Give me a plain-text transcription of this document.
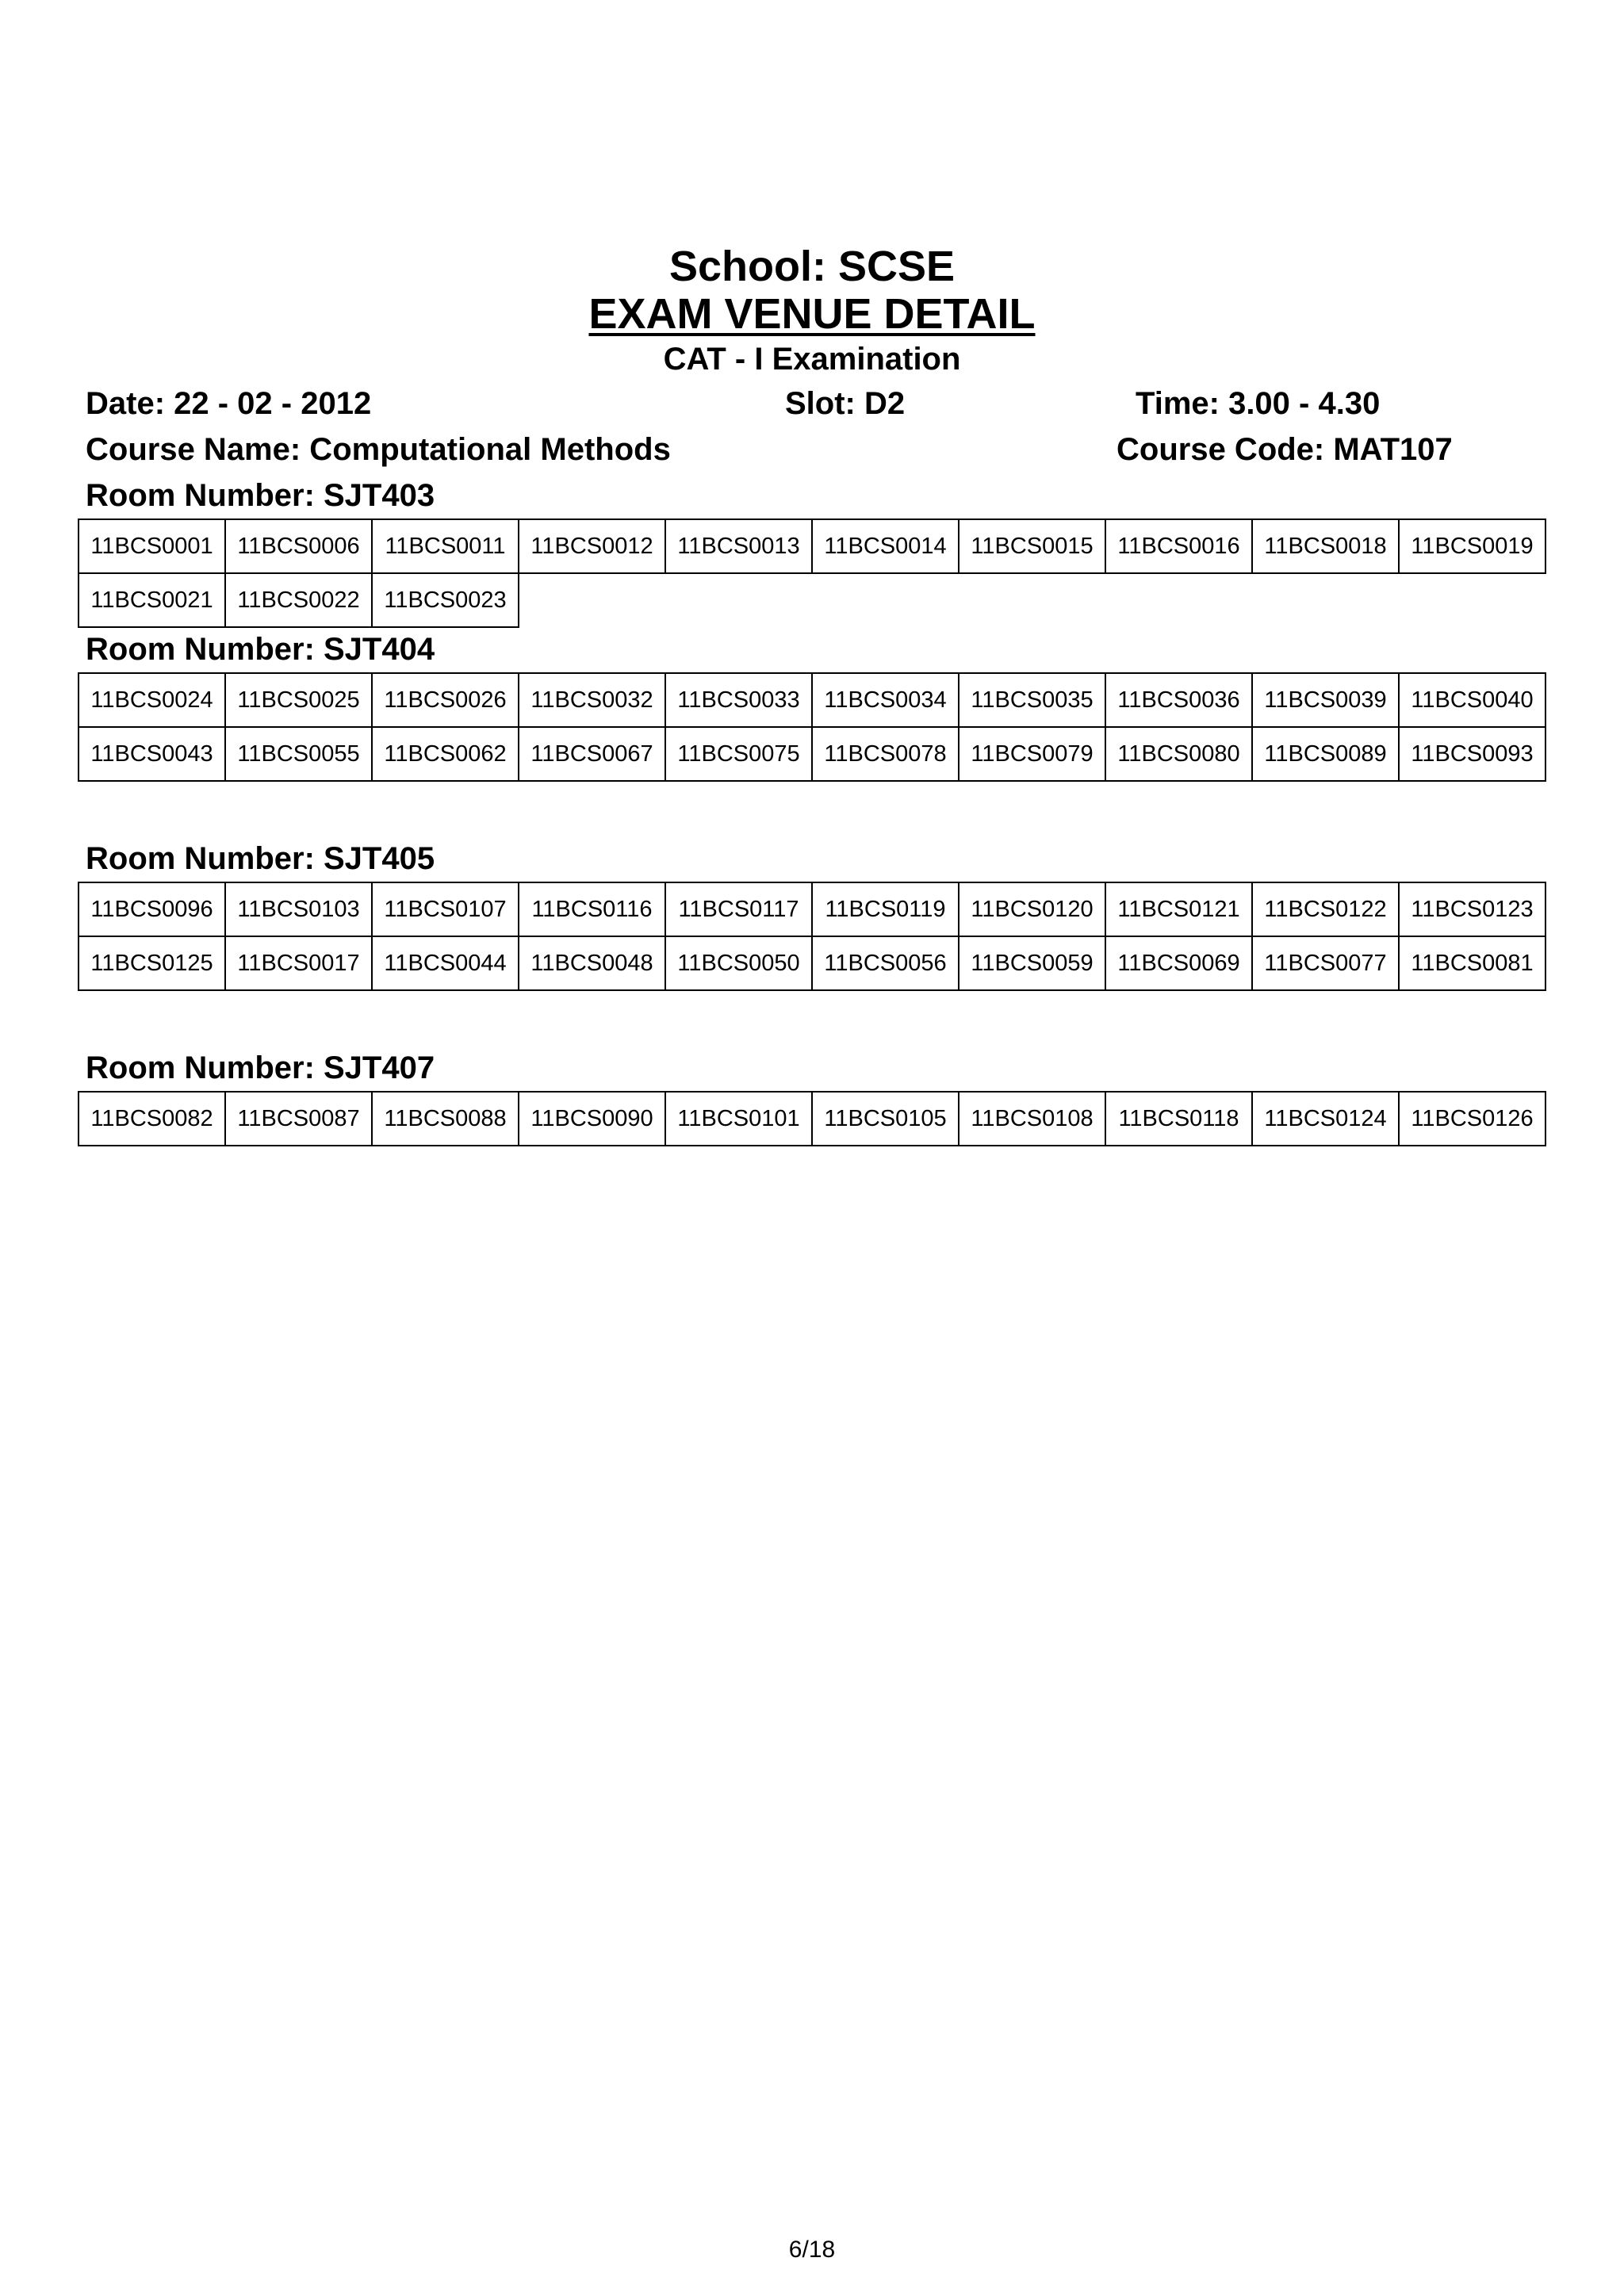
School: SCSE
EXAM VENUE DETAIL
CAT - I Examination
Date: 22 - 02 - 2012	Slot: D2	Time: 3.00 - 4.30
Course Name: Computational Methods	Course Code: MAT107
Room Number: SJT403
11BCS0001	11BCS0006	11BCS0011	11BCS0012	11BCS0013	11BCS0014	11BCS0015	11BCS0016	11BCS0018	11BCS0019
11BCS0021	11BCS0022	11BCS0023
Room Number: SJT404
11BCS0024	11BCS0025	11BCS0026	11BCS0032	11BCS0033	11BCS0034	11BCS0035	11BCS0036	11BCS0039	11BCS0040
11BCS0043	11BCS0055	11BCS0062	11BCS0067	11BCS0075	11BCS0078	11BCS0079	11BCS0080	11BCS0089	11BCS0093
Room Number: SJT405
11BCS0096	11BCS0103	11BCS0107	11BCS0116	11BCS0117	11BCS0119	11BCS0120	11BCS0121	11BCS0122	11BCS0123
11BCS0125	11BCS0017	11BCS0044	11BCS0048	11BCS0050	11BCS0056	11BCS0059	11BCS0069	11BCS0077	11BCS0081
Room Number: SJT407
11BCS0082	11BCS0087	11BCS0088	11BCS0090	11BCS0101	11BCS0105	11BCS0108	11BCS0118	11BCS0124	11BCS0126
6/18
